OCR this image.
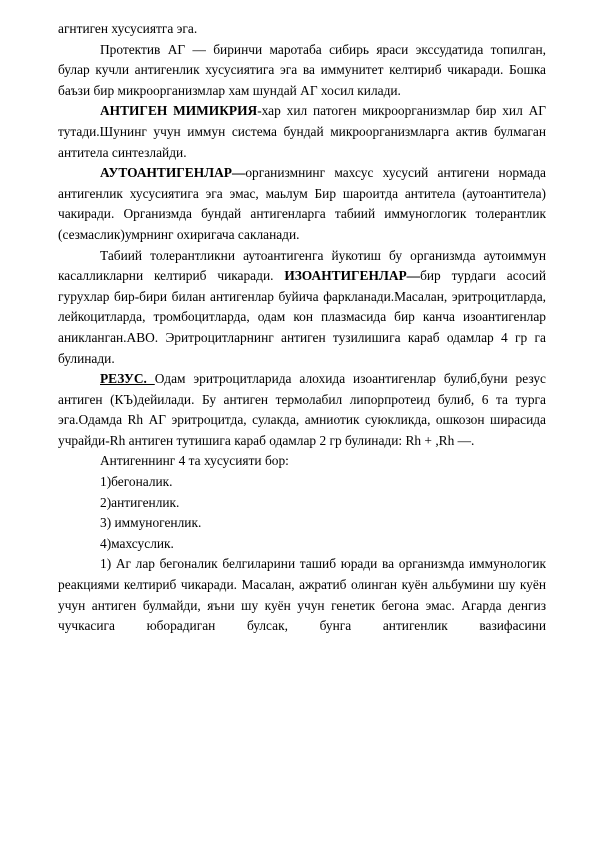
агнтиген хусусиятга эга.

Протектив АГ — биринчи маротаба сибирь яраси экссудатида топилган, булар кучли антигенлик хусусиятига эга ва иммунитет келтириб чикаради. Бошка баъзи бир микроорганизмлар хам шундай АГ хосил килади.

АНТИГЕН МИМИКРИЯ-хар хил патоген микроорганизмлар бир хил АГ тутади.Шунинг учун иммун система бундай микроорганизмларга актив булмаган антитела синтезлайди.

АУТОАНТИГЕНЛАР—организмнинг махсус хусусий антигени нормада антигенлик хусусиятига эга эмас, маьлум Бир шароитда антитела (аутоантитела) чакиради. Организмда бундай антигенларга табиий иммуноглогик толерантлик (сезмаслик)умрнинг охиригача сакланади.

Табиий толерантликни аутоантигенга йукотиш бу организмда аутоиммун касалликларни келтириб чикаради. ИЗОАНТИГЕНЛАР—бир турдаги асосий гурухлар бир-бири билан антигенлар буйича фаркланади.Масалан, эритроцитларда, лейкоцитларда, тромбоцитларда, одам кон плазмасида бир канча изоантигенлар аникланган.АВО. Эритроцитларнинг антиген тузилишига караб одамлар 4 гр га булинади.

РЕЗУС. Одам эритроцитларида алохида изоантигенлар булиб,буни резус антиген (КЪ)дейилади. Бу антиген термолабил липорпротеид булиб, 6 та турга эга.Одамда Rh АГ эритроцитда, сулакда, амниотик суюкликда, ошкозон ширасида учрайди-Rh антиген тутишига караб одамлар 2 гр булинади: Rh + ,Rh —.

Антигеннинг 4 та хусусияти бор:

1)бегоналик.

2)антигенлик.

3) иммуногенлик.

4)махсуслик.

1) Аг лар бегоналик белгиларини ташиб юради ва организмда иммунологик реакциями келтириб чикаради. Масалан, ажратиб олинган куён альбумини шу куён учун антиген булмайди, яъни шу куён учун генетик бегона эмас. Агарда денгиз чучкасига юборадиган булсак, бунга антигенлик вазифасини
